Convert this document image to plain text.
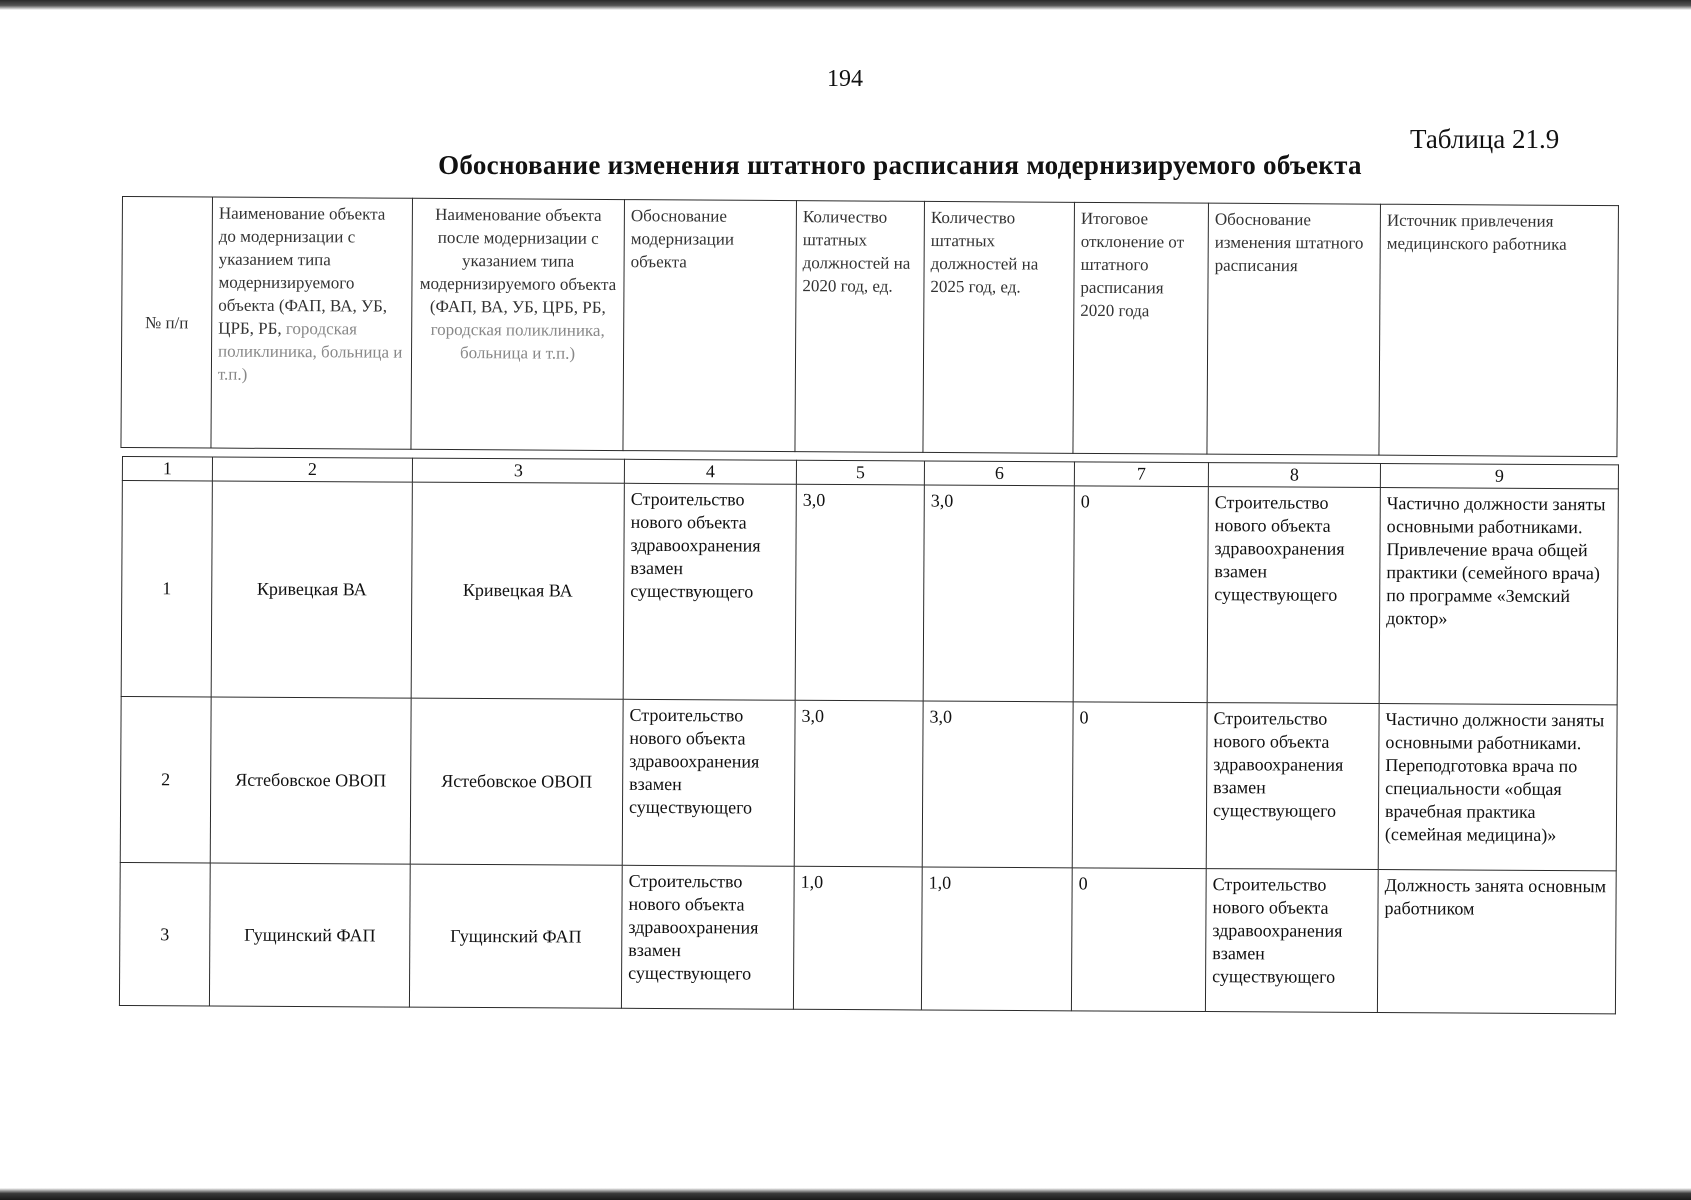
194
Таблица 21.9
Обоснование изменения штатного расписания модернизируемого объекта
№ п/п	Наименование объекта до модернизации с указанием типа модернизируемого объекта (ФАП, ВА, УБ, ЦРБ, РБ, городская поликлиника, больница и т.п.)	Наименование объекта после модернизации с указанием типа модернизируемого объекта (ФАП, ВА, УБ, ЦРБ, РБ, городская поликлиника, больница и т.п.)	Обоснование модернизации объекта	Количество штатных должностей на 2020 год, ед.	Количество штатных должностей на 2025 год, ед.	Итоговое отклонение от штатного расписания 2020 года	Обоснование изменения штатного расписания	Источник привлечения медицинского работника
1	2	3	4	5	6	7	8	9
1	Кривецкая ВА	Кривецкая ВА	Строительство нового объекта здравоохранения взамен существующего	3,0	3,0	0	Строительство нового объекта здравоохранения взамен существующего	Частично должности заняты основными работниками. Привлечение врача общей практики (семейного врача) по программе «Земский доктор»
2	Ястебовское ОВОП	Ястебовское ОВОП	Строительство нового объекта здравоохранения взамен существующего	3,0	3,0	0	Строительство нового объекта здравоохранения взамен существующего	Частично должности заняты основными работниками. Переподготовка врача по специальности «общая врачебная практика (семейная медицина)»
3	Гущинский ФАП	Гущинский ФАП	Строительство нового объекта здравоохранения взамен существующего	1,0	1,0	0	Строительство нового объекта здравоохранения взамен существующего	Должность занята основным работником
